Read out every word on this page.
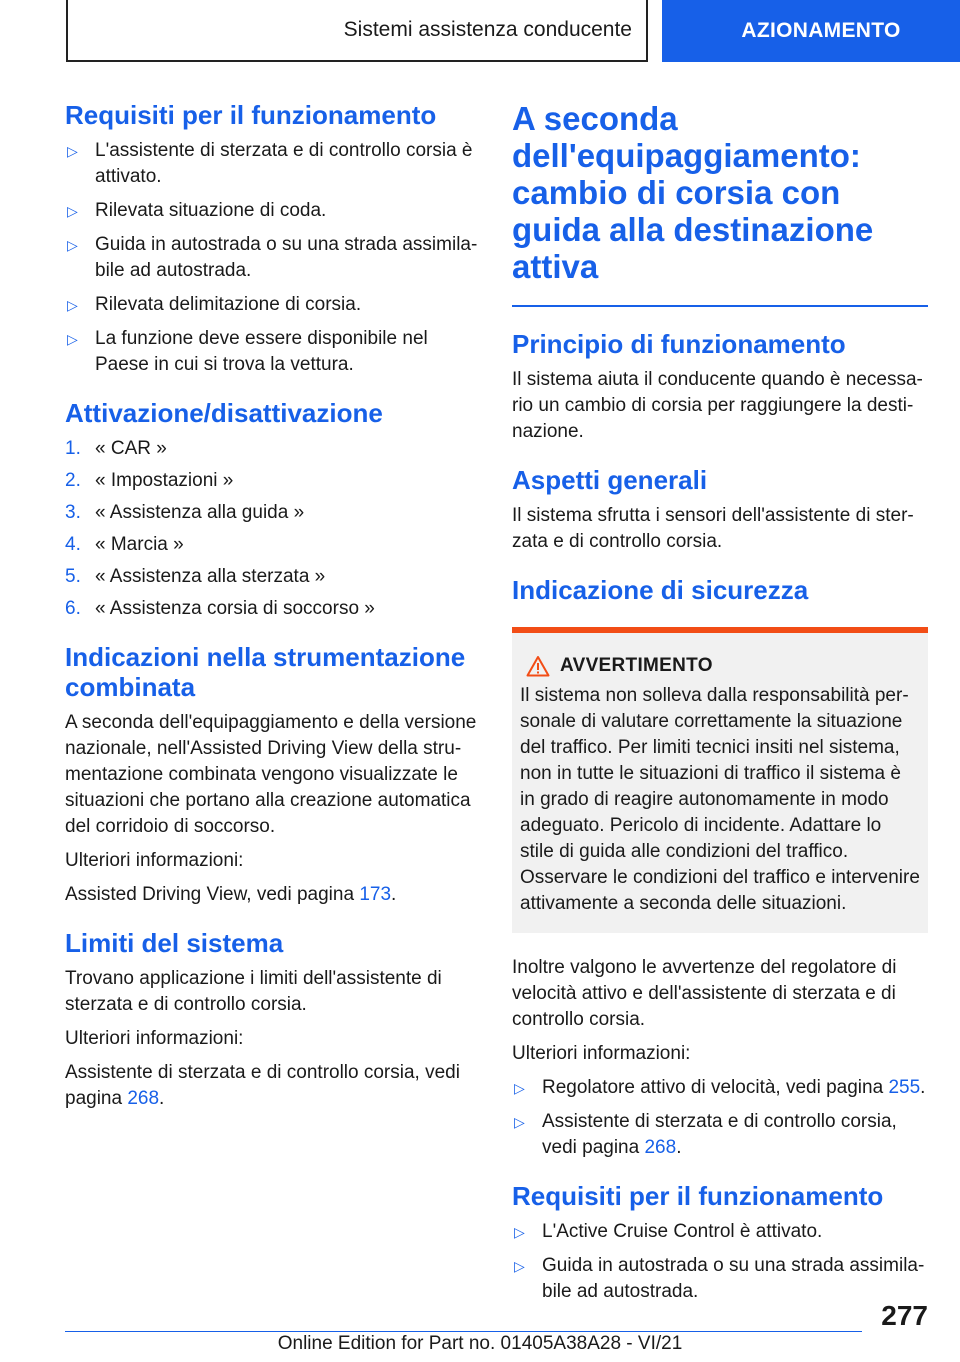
Sistemi assistenza conducente	AZIONAMENTO
Requisiti per il funzionamento
▷ L'assistente di sterzata e di controllo corsia è attivato.
▷ Rilevata situazione di coda.
▷ Guida in autostrada o su una strada assimilabile ad autostrada.
▷ Rilevata delimitazione di corsia.
▷ La funzione deve essere disponibile nel Paese in cui si trova la vettura.
Attivazione/disattivazione
1. « CAR »
2. « Impostazioni »
3. « Assistenza alla guida »
4. « Marcia »
5. « Assistenza alla sterzata »
6. « Assistenza corsia di soccorso »
Indicazioni nella strumentazione combinata

A seconda dell'equipaggiamento e della versione nazionale, nell'Assisted Driving View della strumentazione combinata vengono visualizzate le situazioni che portano alla creazione automatica del corridoio di soccorso.

Ulteriori informazioni:

Assisted Driving View, vedi pagina 173.

Limiti del sistema

Trovano applicazione i limiti dell'assistente di sterzata e di controllo corsia.

Ulteriori informazioni:

Assistente di sterzata e di controllo corsia, vedi pagina 268.

A seconda dell'equipaggiamento: cambio di corsia con guida alla destinazione attiva
Principio di funzionamento

Il sistema aiuta il conducente quando è necessario un cambio di corsia per raggiungere la destinazione.

Aspetti generali

Il sistema sfrutta i sensori dell'assistente di sterzata e di controllo corsia.

Indicazione di sicurezza
AVVERTIMENTO

Il sistema non solleva dalla responsabilità personale di valutare correttamente la situazione del traffico. Per limiti tecnici insiti nel sistema, non in tutte le situazioni di traffico il sistema è in grado di reagire autonomamente in modo adeguato. Pericolo di incidente. Adattare lo stile di guida alle condizioni del traffico. Osservare le condizioni del traffico e intervenire attivamente a seconda delle situazioni.

Inoltre valgono le avvertenze del regolatore di velocità attivo e dell'assistente di sterzata e di controllo corsia.

Ulteriori informazioni:

▷ Regolatore attivo di velocità, vedi pagina 255.
▷ Assistente di sterzata e di controllo corsia, vedi pagina 268.
Requisiti per il funzionamento
▷ L'Active Cruise Control è attivato.
▷ Guida in autostrada o su una strada assimilabile ad autostrada.
277
Online Edition for Part no. 01405A38A28 - VI/21
